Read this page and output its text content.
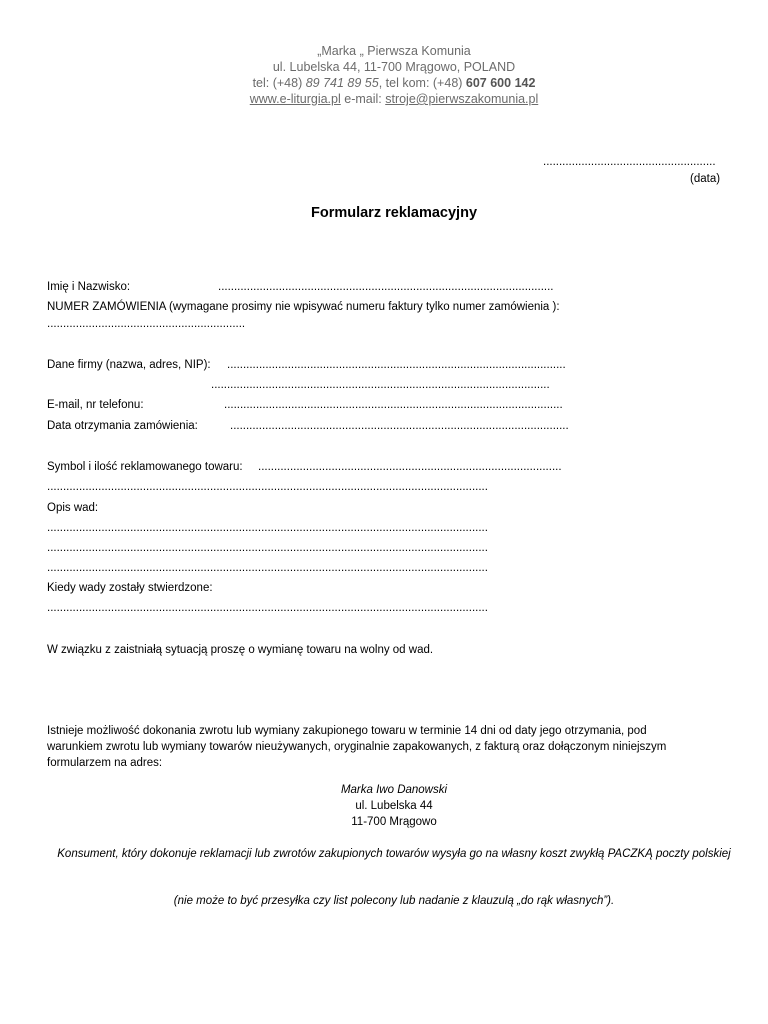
„Marka „ Pierwsza Komunia
ul. Lubelska 44, 11-700 Mrągowo, POLAND
tel: (+48) 89 741 89 55, tel kom: (+48) 607 600 142
www.e-liturgia.pl e-mail: stroje@pierwszakomunia.pl
......................................................
(data)
Formularz reklamacyjny
Imię i Nazwisko:	.........................................................................................................
NUMER ZAMÓWIENIA (wymagane prosimy nie wpisywać numeru faktury tylko numer zamówienia ):
..............................................................
Dane firmy (nazwa, adres, NIP): ..........................................................................................................
..........................................................................................................
E-mail, nr telefonu:	..........................................................................................................
Data otrzymania zamówienia:	..........................................................................................................
Symbol i ilość reklamowanego towaru: ...............................................................................................
..........................................................................................................................................
Opis wad:
..........................................................................................................................................
..........................................................................................................................................
..........................................................................................................................................
Kiedy wady zostały stwierdzone:
..........................................................................................................................................
W związku z zaistniałą sytuacją proszę o wymianę towaru na wolny od wad.
Istnieje możliwość dokonania zwrotu lub wymiany zakupionego towaru w terminie 14 dni od daty jego otrzymania, pod warunkiem zwrotu lub wymiany towarów nieużywanych, oryginalnie zapakowanych, z fakturą oraz dołączonym niniejszym formularzem na adres:
Marka Iwo Danowski
ul. Lubelska 44
11-700 Mrągowo
Konsument, który dokonuje reklamacji lub zwrotów zakupionych towarów wysyła go na własny koszt zwykłą PACZKĄ poczty polskiej
(nie może to być przesyłka czy list polecony lub nadanie z klauzulą „do rąk własnych”).
